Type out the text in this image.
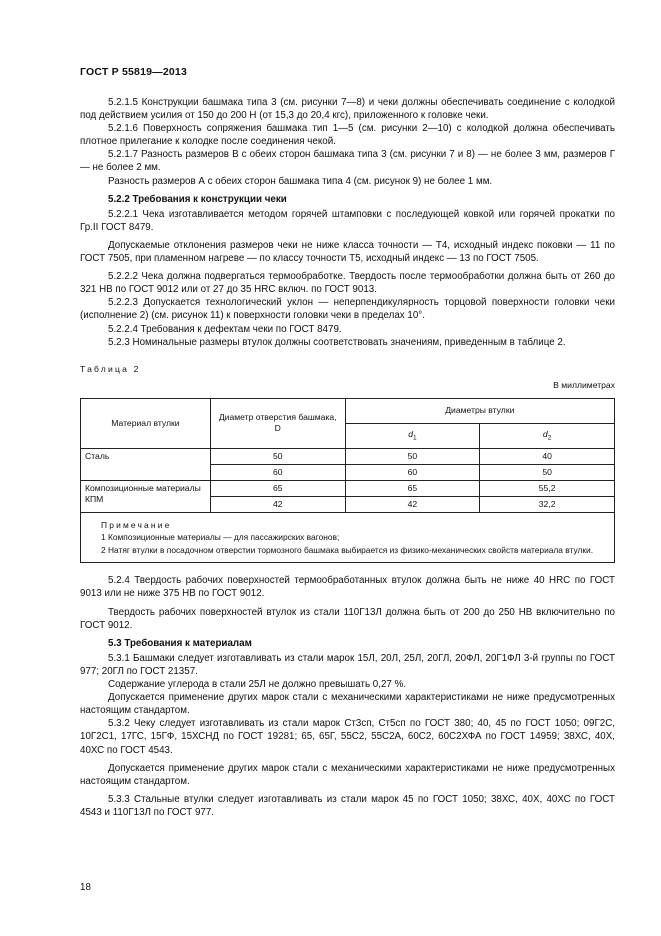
ГОСТ Р 55819—2013

5.2.1.5 Конструкции башмака типа 3 (см. рисунки 7—8) и чеки должны обеспечивать соединение с колодкой под действием усилия от 150 до 200 Н (от 15,3 до 20,4 кгс), приложенного к головке чеки.

5.2.1.6 Поверхность сопряжения башмака тип 1—5 (см. рисунки 2—10) с колодкой должна обеспечивать плотное прилегание к колодке после соединения чекой.

5.2.1.7 Разность размеров В с обеих сторон башмака типа 3 (см. рисунки 7 и 8) — не более 3 мм, размеров Г — не более 2 мм.

Разность размеров А с обеих сторон башмака типа 4 (см. рисунок 9) не более 1 мм.

5.2.2 Требования к конструкции чеки

5.2.2.1 Чека изготавливается методом горячей штамповки с последующей ковкой или горячей прокатки по Гр.II ГОСТ 8479.

Допускаемые отклонения размеров чеки не ниже класса точности — Т4, исходный индекс поковки — 11 по ГОСТ 7505, при пламенном нагреве — по классу точности Т5, исходный индекс — 13 по ГОСТ 7505.

5.2.2.2 Чека должна подвергаться термообработке. Твердость после термообработки должна быть от 260 до 321 НВ по ГОСТ 9012 или от 27 до 35 HRC включ. по ГОСТ 9013.

5.2.2.3 Допускается технологический уклон — неперпендикулярность торцовой поверхности головки чеки (исполнение 2) (см. рисунок 11) к поверхности головки чеки в пределах 10°.

5.2.2.4 Требования к дефектам чеки по ГОСТ 8479.

5.2.3 Номинальные размеры втулок должны соответствовать значениям, приведенным в таблице 2.

Таблица 2
В миллиметрах
Материал втулки	Диаметр отверстия башмака, D	Диаметры втулки	
		$d_1$	$d_2$
Сталь	50	50	40
	60	60	50
Композиционные материалы КПМ	65	65	55,2
	42	42	32,2

Примечание
1 Композиционные материалы — для пассажирских вагонов;
2 Натяг втулки в посадочном отверстии тормозного башмака выбирается из физико-механических свойств материала втулки.			

5.2.4 Твердость рабочих поверхностей термообработанных втулок должна быть не ниже 40 HRC по ГОСТ 9013 или не ниже 375 НВ по ГОСТ 9012.

Твердость рабочих поверхностей втулок из стали 110Г13Л должна быть от 200 до 250 НВ включительно по ГОСТ 9012.

5.3 Требования к материалам

5.3.1 Башмаки следует изготавливать из стали марок 15Л, 20Л, 25Л, 20ГЛ, 20ФЛ, 20Г1ФЛ 3-й группы по ГОСТ 977; 20ГЛ по ГОСТ 21357.

Содержание углерода в стали 25Л не должно превышать 0,27 %.

Допускается применение других марок стали с механическими характеристиками не ниже предусмотренных настоящим стандартом.

5.3.2 Чеку следует изготавливать из стали марок Ст3сп, Ст5сп по ГОСТ 380; 40, 45 по ГОСТ 1050; 09Г2С, 10Г2С1, 17ГС, 15ГФ, 15ХСНД по ГОСТ 19281; 65, 65Г, 55С2, 55С2А, 60С2, 60С2ХФА по ГОСТ 14959; 38ХС, 40Х, 40ХС по ГОСТ 4543.

Допускается применение других марок стали с механическими характеристиками не ниже предусмотренных настоящим стандартом.

5.3.3 Стальные втулки следует изготавливать из стали марок 45 по ГОСТ 1050; 38ХС, 40Х, 40ХС по ГОСТ 4543 и 110Г13Л по ГОСТ 977.

18
